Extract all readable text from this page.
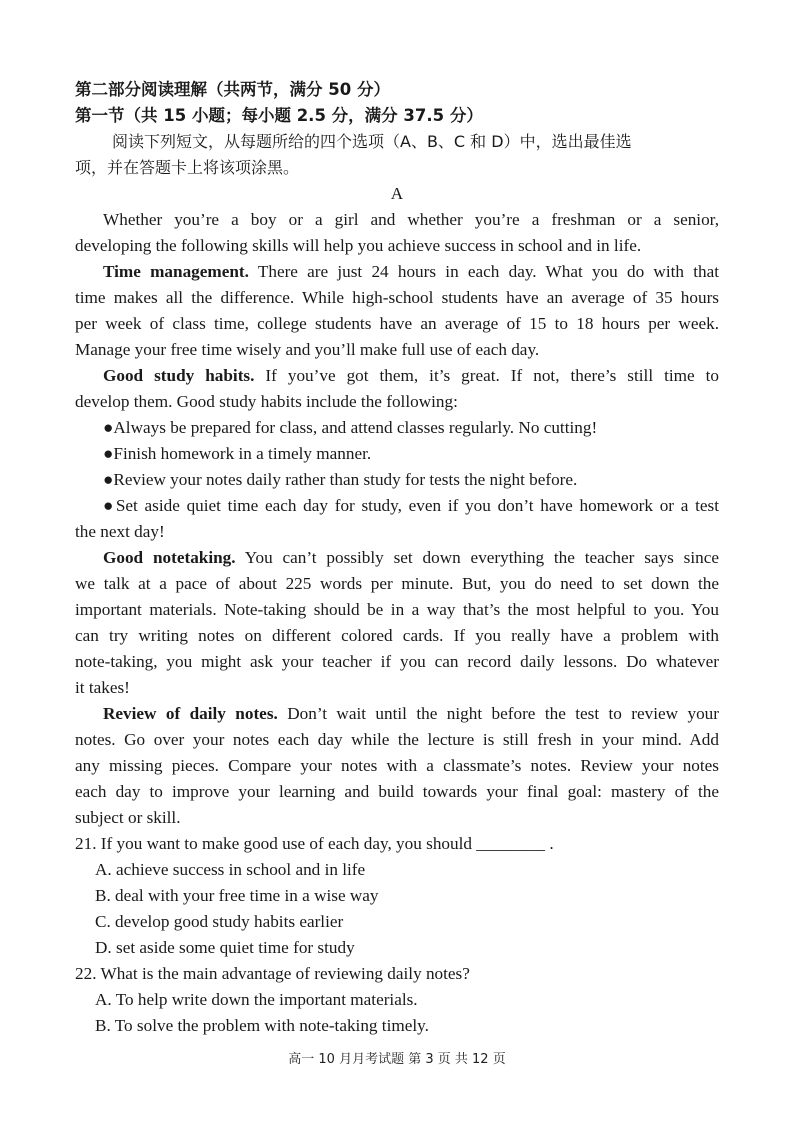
第二部分阅读理解（共两节，满分 50 分）
第一节（共 15 小题；每小题 2.5 分，满分 37.5 分）
阅读下列短文，从每题所给的四个选项（A、B、C 和 D）中，选出最佳选
项，并在答题卡上将该项涂黑。
A
Whether you’re a boy or a girl and whether you’re a freshman or a senior,
developing the following skills will help you achieve success in school and in life.
Time management. There are just 24 hours in each day. What you do with that
time makes all the difference. While high-school students have an average of 35 hours
per week of class time, college students have an average of 15 to 18 hours per week.
Manage your free time wisely and you’ll make full use of each day.
Good study habits. If you’ve got them, it’s great. If not, there’s still time to
develop them. Good study habits include the following:
●Always be prepared for class, and attend classes regularly. No cutting!
●Finish homework in a timely manner.
●Review your notes daily rather than study for tests the night before.
●Set aside quiet time each day for study, even if you don’t have homework or a test
the next day!
Good notetaking. You can’t possibly set down everything the teacher says since
we talk at a pace of about 225 words per minute. But, you do need to set down the
important materials. Note-taking should be in a way that’s the most helpful to you. You
can try writing notes on different colored cards. If you really have a problem with
note-taking, you might ask your teacher if you can record daily lessons. Do whatever
it takes!
Review of daily notes. Don’t wait until the night before the test to review your
notes. Go over your notes each day while the lecture is still fresh in your mind. Add
any missing pieces. Compare your notes with a classmate’s notes. Review your notes
each day to improve your learning and build towards your final goal: mastery of the
subject or skill.
21. If you want to make good use of each day, you should ________ .
A. achieve success in school and in life
B. deal with your free time in a wise way
C. develop good study habits earlier
D. set aside some quiet time for study
22. What is the main advantage of reviewing daily notes?
A. To help write down the important materials.
B. To solve the problem with note-taking timely.
高一 10 月月考试题 第 3 页 共 12 页
